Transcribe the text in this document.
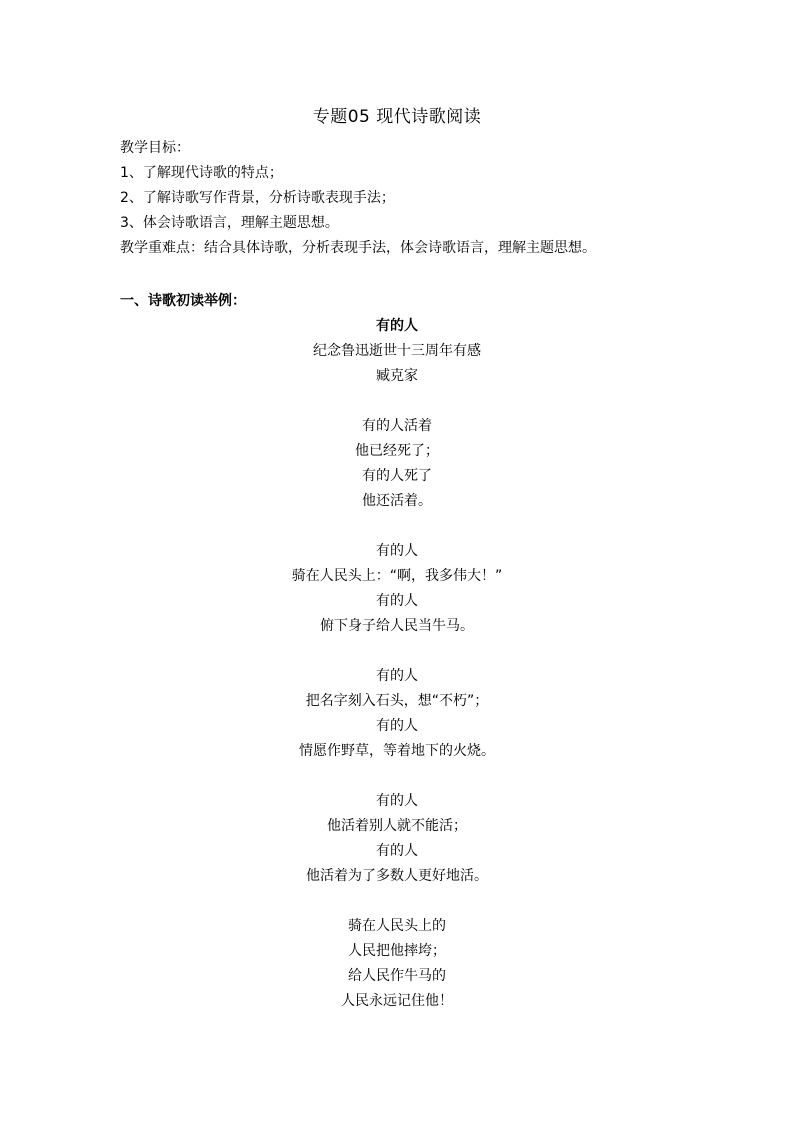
专题05 现代诗歌阅读
教学目标：
1、了解现代诗歌的特点；
2、了解诗歌写作背景，分析诗歌表现手法；
3、体会诗歌语言，理解主题思想。
教学重难点：结合具体诗歌，分析表现手法，体会诗歌语言，理解主题思想。
一、诗歌初读举例：
有的人
纪念鲁迅逝世十三周年有感
臧克家
有的人活着
他已经死了；
有的人死了
他还活着。
有的人
骑在人民头上：“啊，我多伟大！”
有的人
俯下身子给人民当牛马。
有的人
把名字刻入石头，想“不朽”；
有的人
情愿作野草，等着地下的火烧。
有的人
他活着别人就不能活；
有的人
他活着为了多数人更好地活。
骑在人民头上的
人民把他摔垮；
给人民作牛马的
人民永远记住他！
